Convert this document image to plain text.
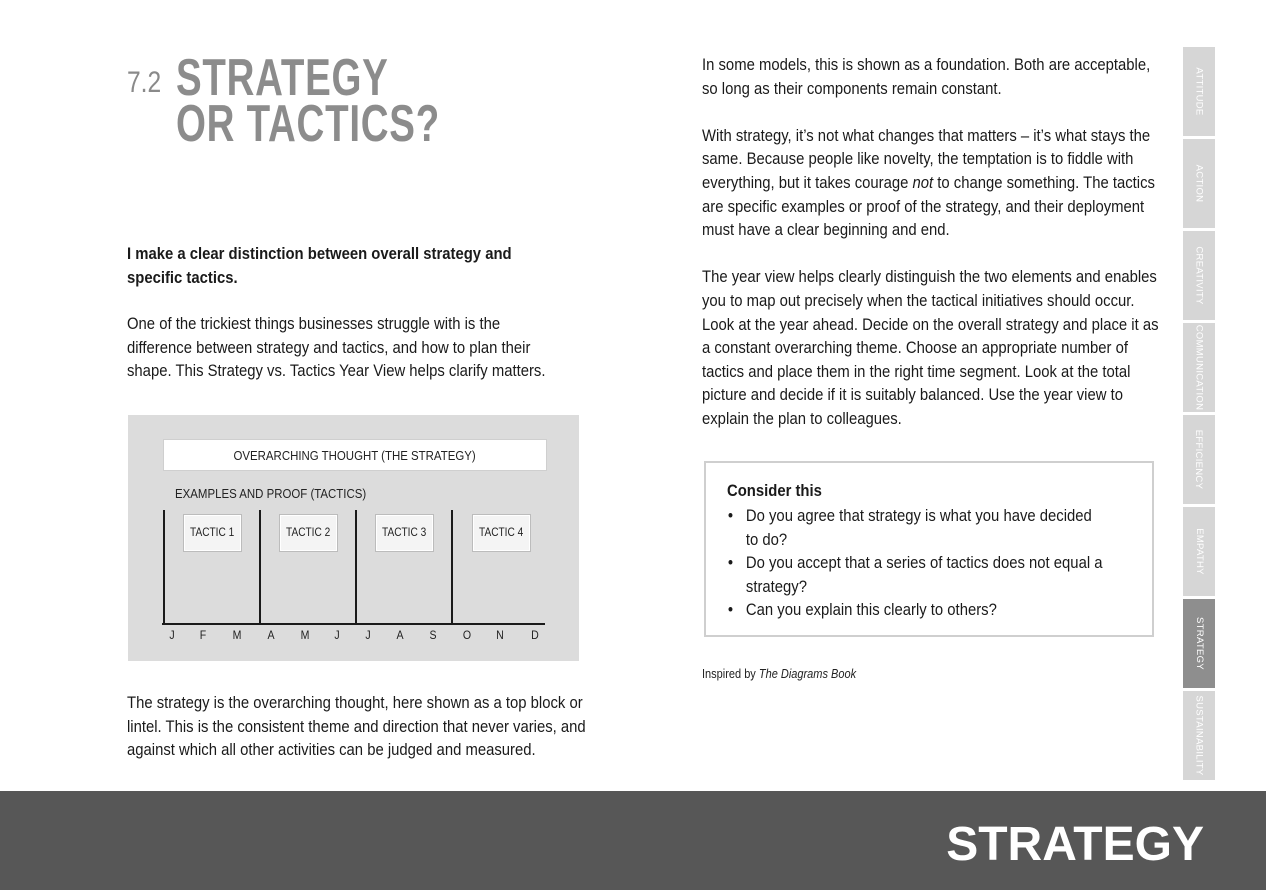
7.2 STRATEGY
OR TACTICS?
I make a clear distinction between overall strategy and specific tactics.
One of the trickiest things businesses struggle with is the difference between strategy and tactics, and how to plan their shape. This Strategy vs. Tactics Year View helps clarify matters.
OVERARCHING THOUGHT (THE STRATEGY)
EXAMPLES AND PROOF (TACTICS)
TACTIC 1	TACTIC 2	TACTIC 3	TACTIC 4
J	F	M A M	J	J	A S O N D
The strategy is the overarching thought, here shown as a top block or lintel. This is the consistent theme and direction that never varies, and against which all other activities can be judged and measured.
In some models, this is shown as a foundation. Both are acceptable, so long as their components remain constant.
With strategy, it’s not what changes that matters – it’s what stays the same. Because people like novelty, the temptation is to fiddle with everything, but it takes courage not to change something. The tactics are specific examples or proof of the strategy, and their deployment must have a clear beginning and end.
The year view helps clearly distinguish the two elements and enables you to map out precisely when the tactical initiatives should occur. Look at the year ahead. Decide on the overall strategy and place it as a constant overarching theme. Choose an appropriate number of tactics and place them in the right time segment. Look at the total picture and decide if it is suitably balanced. Use the year view to explain the plan to colleagues.
Consider this
• Do you agree that strategy is what you have decided to do?
• Do you accept that a series of tactics does not equal a strategy?
• Can you explain this clearly to others?
Inspired by The Diagrams Book
ATTITUDE
ACTION
CREATIVITY
COMMUNICATION
EFFICIENCY
EMPATHY
STRATEGY
SUSTAINABILITY
STRATEGY
